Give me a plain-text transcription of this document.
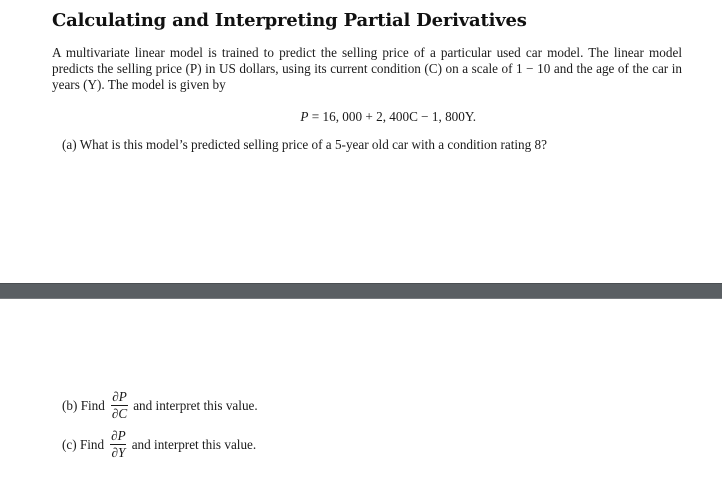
Calculating and Interpreting Partial Derivatives
A multivariate linear model is trained to predict the selling price of a particular used car model. The linear model predicts the selling price (P) in US dollars, using its current condition (C) on a scale of 1 − 10 and the age of the car in years (Y). The model is given by
P = 16, 000 + 2, 400C − 1, 800Y.
(a) What is this model’s predicted selling price of a 5-year old car with a condition rating 8?
(b)
Find $\frac{\partial P}{\partial C}$ and interpret this value.
(c)
Find $\frac{\partial P}{\partial Y}$ and interpret this value.
